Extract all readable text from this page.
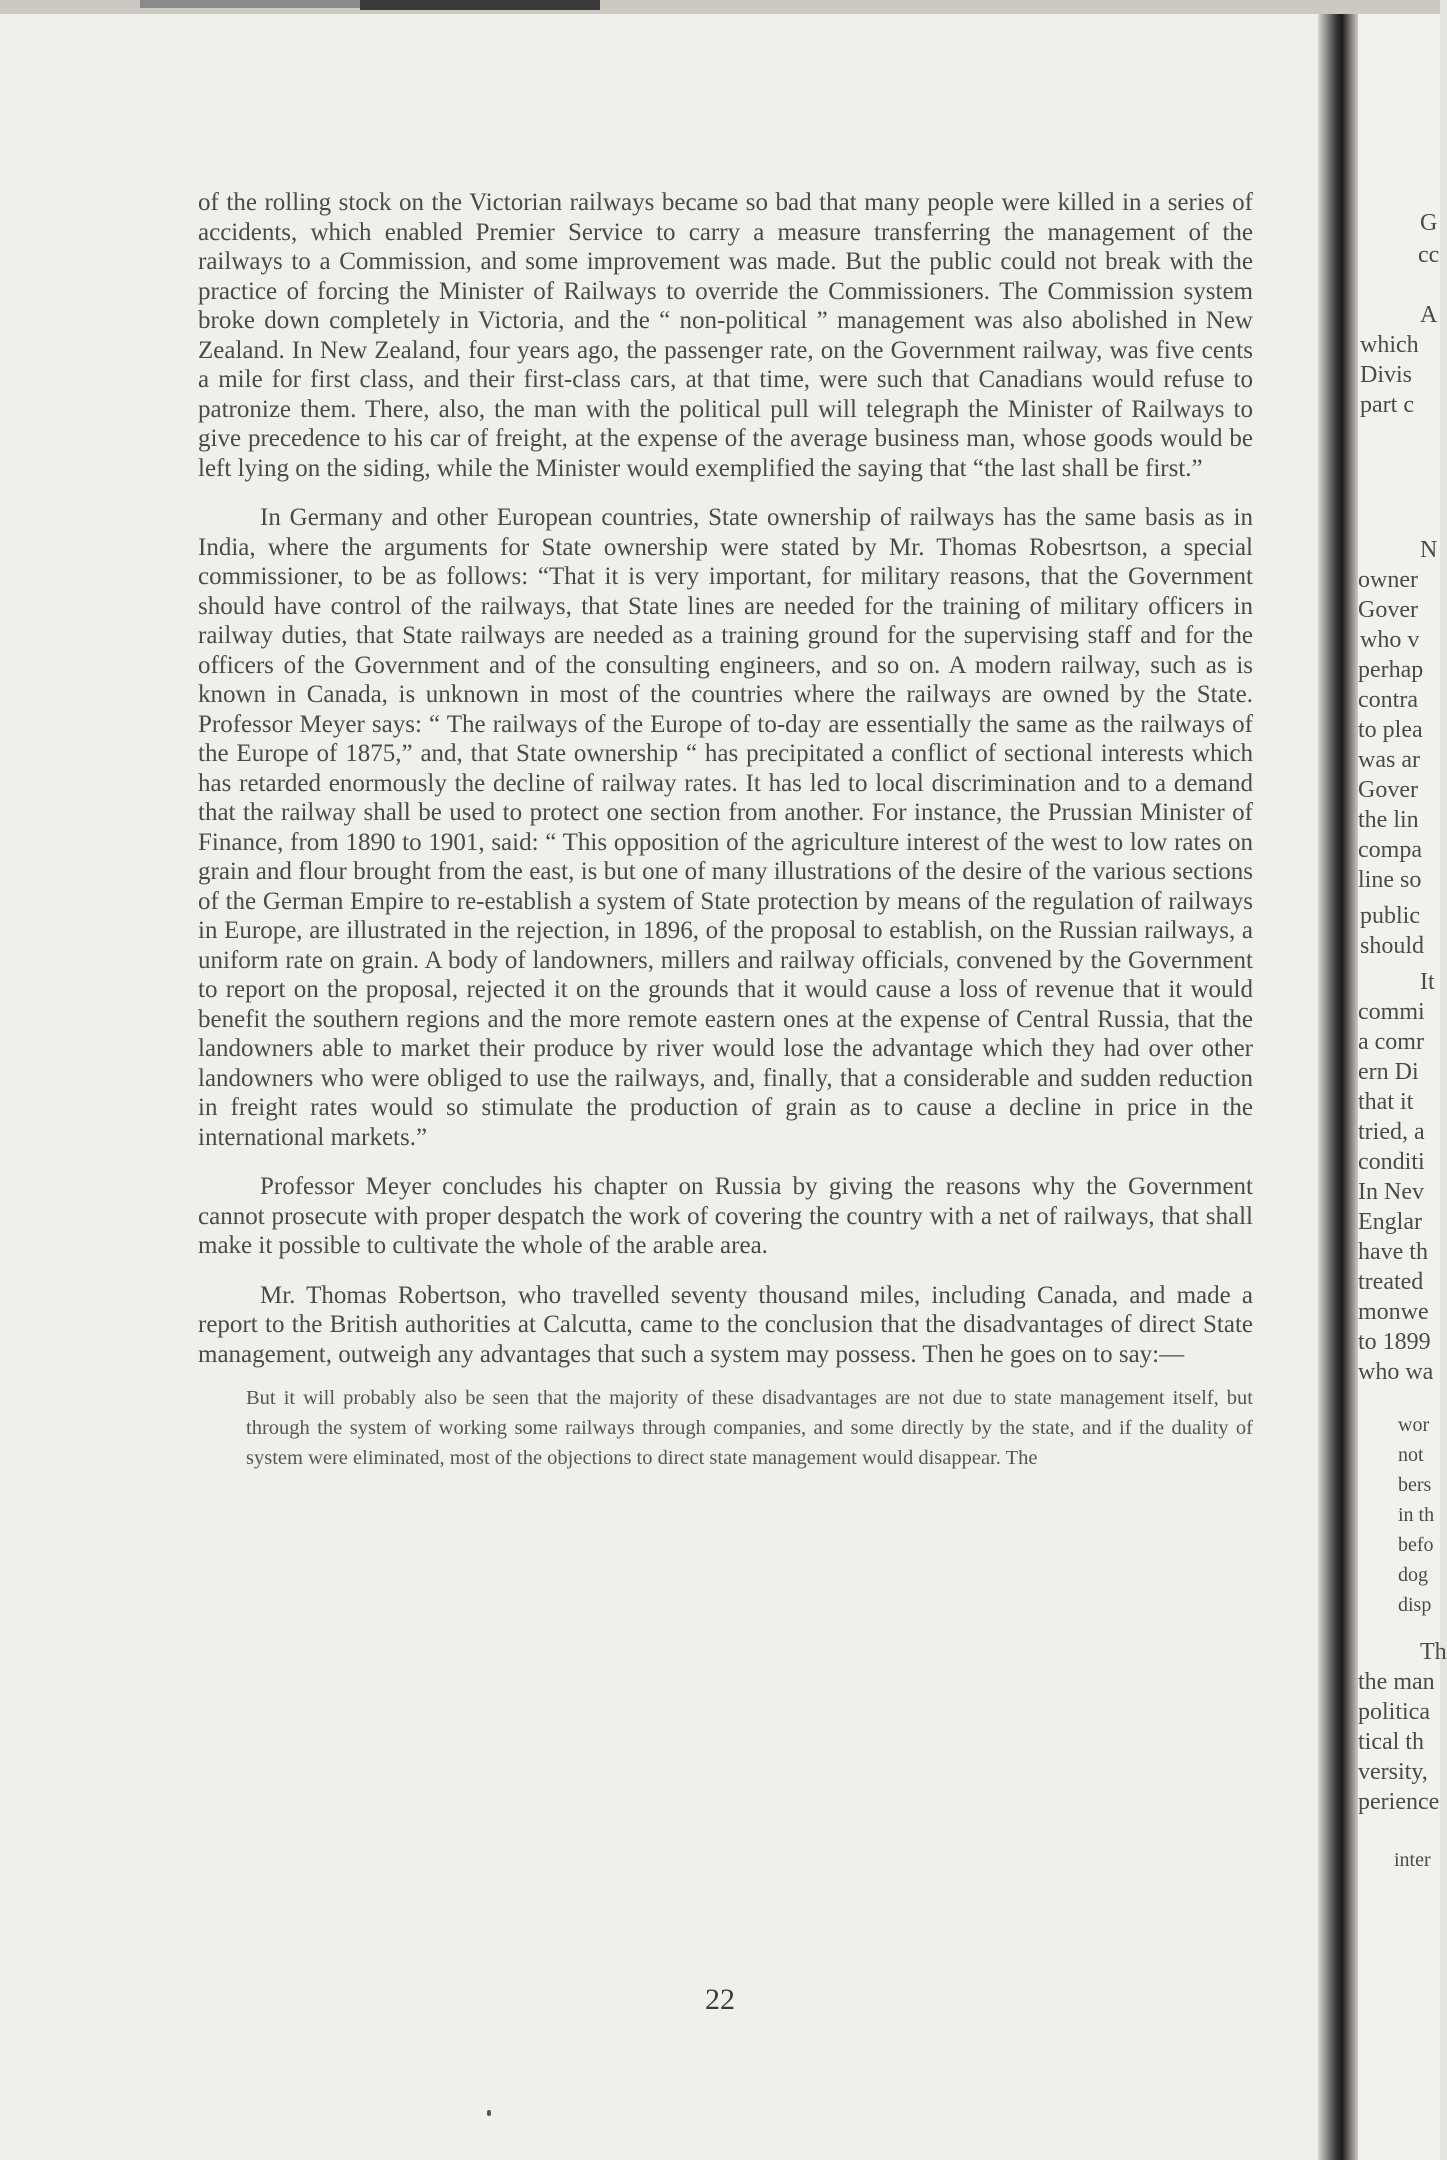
of the rolling stock on the Victorian railways became so bad that many people were killed in a series of accidents, which enabled Premier Service to carry a measure transferring the management of the railways to a Commission, and some improvement was made. But the public could not break with the practice of forcing the Minister of Railways to override the Commissioners. The Commission system broke down completely in Victoria, and the “ non-political ” management was also abolished in New Zealand. In New Zealand, four years ago, the passenger rate, on the Government railway, was five cents a mile for first class, and their first-class cars, at that time, were such that Canadians would refuse to patronize them. There, also, the man with the political pull will telegraph the Minister of Railways to give precedence to his car of freight, at the expense of the average business man, whose goods would be left lying on the siding, while the Minister would exemplified the saying that “the last shall be first.”

In Germany and other European countries, State ownership of railways has the same basis as in India, where the arguments for State ownership were stated by Mr. Thomas Robesrtson, a special commissioner, to be as follows: “That it is very important, for military reasons, that the Government should have control of the railways, that State lines are needed for the training of military officers in railway duties, that State railways are needed as a training ground for the supervising staff and for the officers of the Government and of the consulting engineers, and so on. A modern railway, such as is known in Canada, is unknown in most of the countries where the railways are owned by the State. Professor Meyer says: “ The railways of the Europe of to-day are essentially the same as the railways of the Europe of 1875,” and, that State ownership “ has precipitated a conflict of sectional interests which has retarded enormously the decline of railway rates. It has led to local discrimination and to a demand that the railway shall be used to protect one section from another. For instance, the Prussian Minister of Finance, from 1890 to 1901, said: “ This opposition of the agriculture interest of the west to low rates on grain and flour brought from the east, is but one of many illustrations of the desire of the various sections of the German Empire to re-establish a system of State protection by means of the regulation of railways in Europe, are illustrated in the rejection, in 1896, of the proposal to establish, on the Russian railways, a uniform rate on grain. A body of landowners, millers and railway officials, convened by the Government to report on the proposal, rejected it on the grounds that it would cause a loss of revenue that it would benefit the southern regions and the more remote eastern ones at the expense of Central Russia, that the landowners able to market their produce by river would lose the advantage which they had over other landowners who were obliged to use the railways, and, finally, that a considerable and sudden reduction in freight rates would so stimulate the production of grain as to cause a decline in price in the international markets.”

Professor Meyer concludes his chapter on Russia by giving the reasons why the Government cannot prosecute with proper despatch the work of covering the country with a net of railways, that shall make it possible to cultivate the whole of the arable area.

Mr. Thomas Robertson, who travelled seventy thousand miles, including Canada, and made a report to the British authorities at Calcutta, came to the conclusion that the disadvantages of direct State management, outweigh any advantages that such a system may possess. Then he goes on to say:—

But it will probably also be seen that the majority of these disadvantages are not due to state management itself, but through the system of working some railways through companies, and some directly by the state, and if the duality of system were eliminated, most of the objections to direct state management would disappear. The

22
G
cc
A
which
Divis
part c
N
owner
Gover
who v
perhap
contra
to plea
was ar
Gover
the lin
compa
line so
public
should
It
commi
a comr
ern Di
that it
tried, a
conditi
In Nev
Englar
have th
treated
monwe
to 1899
who wa
wor
not
bers
in th
befo
dog
disp
Th
the man
politica
tical th
versity,
perience
inter
